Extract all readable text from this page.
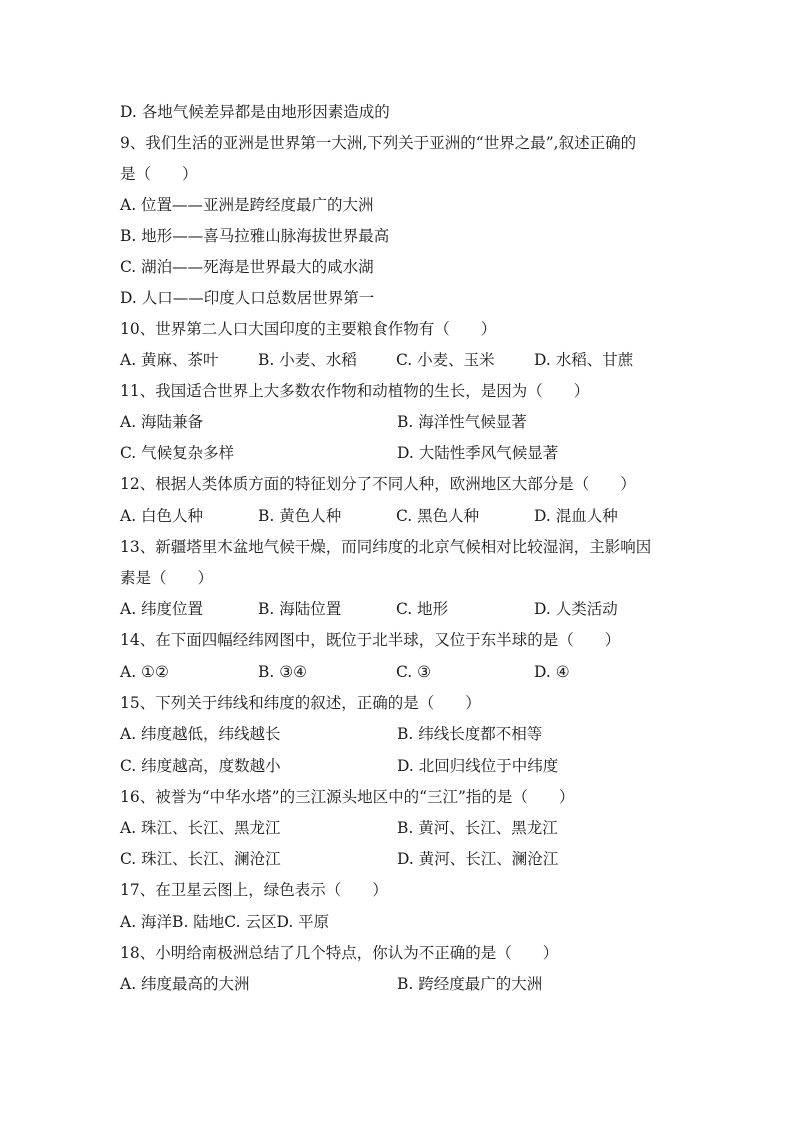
D. 各地气候差异都是由地形因素造成的
9、我们生活的亚洲是世界第一大洲,下列关于亚洲的“世界之最”,叙述正确的
是（　　）
A. 位置——亚洲是跨经度最广的大洲
B. 地形——喜马拉雅山脉海拔世界最高
C. 湖泊——死海是世界最大的咸水湖
D. 人口——印度人口总数居世界第一
10、世界第二人口大国印度的主要粮食作物有（　　）
A. 黄麻、茶叶	B. 小麦、水稻	C. 小麦、玉米	D. 水稻、甘蔗
11、我国适合世界上大多数农作物和动植物的生长，是因为（　　）
A. 海陆兼备	B. 海洋性气候显著
C. 气候复杂多样	D. 大陆性季风气候显著
12、根据人类体质方面的特征划分了不同人种，欧洲地区大部分是（　　）
A. 白色人种	B. 黄色人种	C. 黑色人种	D. 混血人种
13、新疆塔里木盆地气候干燥，而同纬度的北京气候相对比较湿润，主影响因
素是（　　）
A. 纬度位置	B. 海陆位置	C. 地形	D. 人类活动
14、在下面四幅经纬网图中，既位于北半球，又位于东半球的是（　　）
A. ①②	B. ③④	C. ③	D. ④
15、下列关于纬线和纬度的叙述，正确的是（　　）
A. 纬度越低，纬线越长	B. 纬线长度都不相等
C. 纬度越高，度数越小	D. 北回归线位于中纬度
16、被誉为“中华水塔”的三江源头地区中的“三江”指的是（　　）
A. 珠江、长江、黑龙江	B. 黄河、长江、黑龙江
C. 珠江、长江、澜沧江	D. 黄河、长江、澜沧江
17、在卫星云图上，绿色表示（　　）
A. 海洋B. 陆地C. 云区D. 平原
18、小明给南极洲总结了几个特点，你认为不正确的是（　　）
A. 纬度最高的大洲	B. 跨经度最广的大洲
